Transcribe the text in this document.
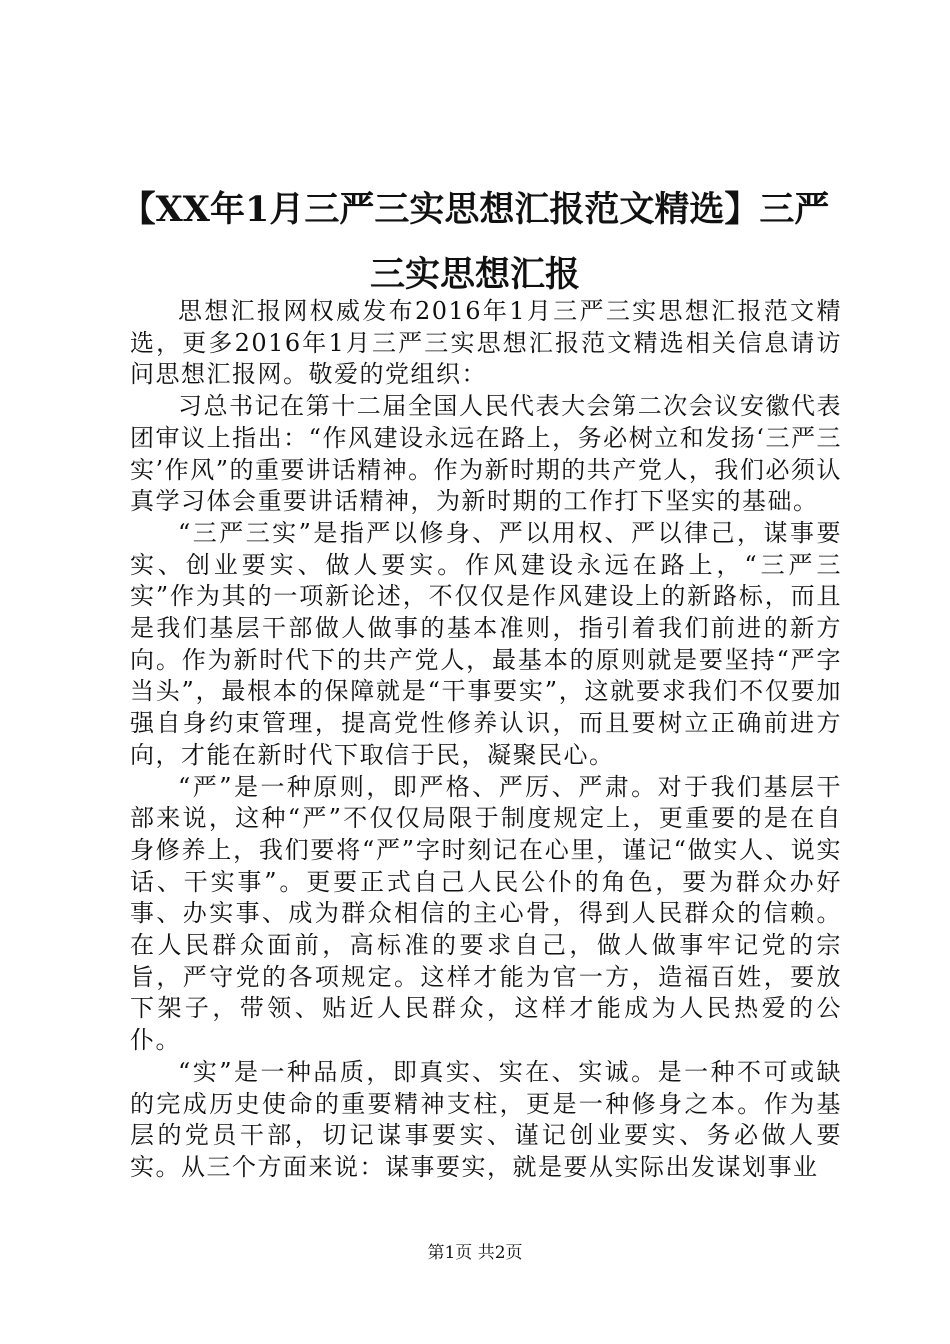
【XX年1月三严三实思想汇报范文精选】三严三实思想汇报

思想汇报网权威发布2016年1月三严三实思想汇报范文精选，更多2016年1月三严三实思想汇报范文精选相关信息请访问思想汇报网。敬爱的党组织：

习总书记在第十二届全国人民代表大会第二次会议安徽代表团审议上指出：“作风建设永远在路上，务必树立和发扬‘三严三实’作风”的重要讲话精神。作为新时期的共产党人，我们必须认真学习体会重要讲话精神，为新时期的工作打下坚实的基础。

“三严三实”是指严以修身、严以用权、严以律己，谋事要实、创业要实、做人要实。作风建设永远在路上，“三严三实”作为其的一项新论述，不仅仅是作风建设上的新路标，而且是我们基层干部做人做事的基本准则，指引着我们前进的新方向。作为新时代下的共产党人，最基本的原则就是要坚持“严字当头”，最根本的保障就是“干事要实”，这就要求我们不仅要加强自身约束管理，提高党性修养认识，而且要树立正确前进方向，才能在新时代下取信于民，凝聚民心。

“严”是一种原则，即严格、严厉、严肃。对于我们基层干部来说，这种“严”不仅仅局限于制度规定上，更重要的是在自身修养上，我们要将“严”字时刻记在心里，谨记“做实人、说实话、干实事”。更要正式自己人民公仆的角色，要为群众办好事、办实事、成为群众相信的主心骨，得到人民群众的信赖。在人民群众面前，高标准的要求自己，做人做事牢记党的宗旨，严守党的各项规定。这样才能为官一方，造福百姓，要放下架子，带领、贴近人民群众，这样才能成为人民热爱的公仆。

“实”是一种品质，即真实、实在、实诚。是一种不可或缺的完成历史使命的重要精神支柱，更是一种修身之本。作为基层的党员干部，切记谋事要实、谨记创业要实、务必做人要实。从三个方面来说：谋事要实，就是要从实际出发谋划事业

第1页 共2页
